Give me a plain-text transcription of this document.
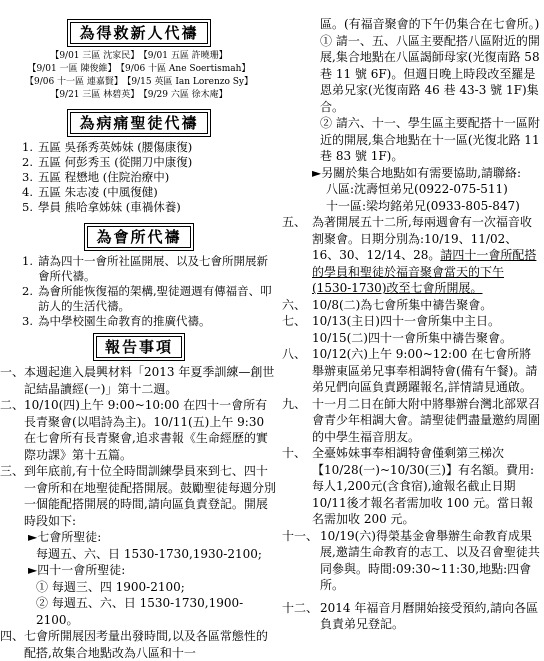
為得救新人代禱
【9/01 三區 沈家民】 【9/01 五區 許曉珊】
【9/01 一區 陳俊維】 【9/06 十區 Ane Soertismah】
【9/06 十一區 連嘉賢】 【9/15 英區 Ian Lorenzo Sy】
【9/21 三區 林碧英】 【9/29 六區 徐木庵】
為病痛聖徒代禱
1. 五區 吳孫秀英姊妹 (腰傷康復)
2. 五區 何彭秀玉 (從開刀中康復)
3. 五區 程懋地 (住院治療中)
4. 五區 朱志凌 (中風復健)
5. 學員 熊哈拿姊妹 (車禍休養)
為會所代禱
1. 請為四十一會所社區開展、以及七會所開展新會所代禱。
2. 為會所能恢復福的架構,聖徒週週有傳福音、叩訪人的生活代禱。
3. 為中學校園生命教育的推廣代禱。
報告事項
一、 本週起進入晨興材料「2013 年夏季訓練—創世記結晶讀經(一)」第十二週。
二、 10/10(四)上午 9:00~10:00 在四十一會所有長青聚會(以唱詩為主)。10/11(五)上午 9:30 在七會所有長青聚會,追求書報《生命經歷的實際功課》第十五篇。
三、 到年底前,有十位全時間訓練學員來到七、四十一會所和在地聖徒配搭開展。鼓勵聖徒每週分別一個能配搭開展的時間,請向區負責登記。開展時段如下:
►七會所聖徒:
每週五、六、日 1530-1730,1930-2100;
►四十一會所聖徒:
① 每週三、四 1900-2100;
② 每週五、六、日 1530-1730,1900-2100。
四、 七會所開展因考量出發時間,以及各區常態性的配搭,故集合地點改為八區和十一
區。(有福音聚會的下午仍集合在七會所。)
① 請一、五、八區主要配搭八區附近的開展,集合地點在八區謁師母家(光復南路 58 巷 11 號 6F)。但週日晚上時段改至羅是恩弟兄家(光復南路 46 巷 43-3 號 1F)集合。
② 請六、十一、學生區主要配搭十一區附近的開展,集合地點在十一區(光復北路 11 巷 83 號 1F)。
►另關於集合地點如有需要協助,請聯絡:
八區:沈壽恒弟兄(0922-075-511)
十一區:梁均銘弟兄(0933-805-847)
五、 為著開展五十二所,每兩週會有一次福音收割聚會。日期分別為:10/19、11/02、16、30、12/14、28。請四十一會所配搭的學員和聖徒於福音聚會當天的下午(1530-1730)改至七會所開展。
六、 10/8(二)為七會所集中禱告聚會。
七、 10/13(主日)四十一會所集中主日。10/15(二)四十一會所集中禱告聚會。
八、 10/12(六)上午 9:00~12:00 在七會所將舉辦東區弟兄事奉相調特會(備有午餐)。請弟兄們向區負責踴躍報名,詳情請見通啟。
九、 十一月二日在師大附中將舉辦台灣北部眾召會青少年相調大會。請聖徒們盡量邀約周圍的中學生福音朋友。
十、 全臺姊妹事奉相調特會僅剩第三梯次【10/28(一)~10/30(三)】有名額。費用:每人1,200元(含食宿),逾報名截止日期 10/11後才報名者需加收 100 元。當日報名需加收 200 元。
十一、 10/19(六)得榮基金會舉辦生命教育成果展,邀請生命教育的志工、以及召會聖徒共同參與。時間:09:30~11:30,地點:四會所。
十二、 2014 年福音月曆開始接受預約,請向各區負責弟兄登記。
